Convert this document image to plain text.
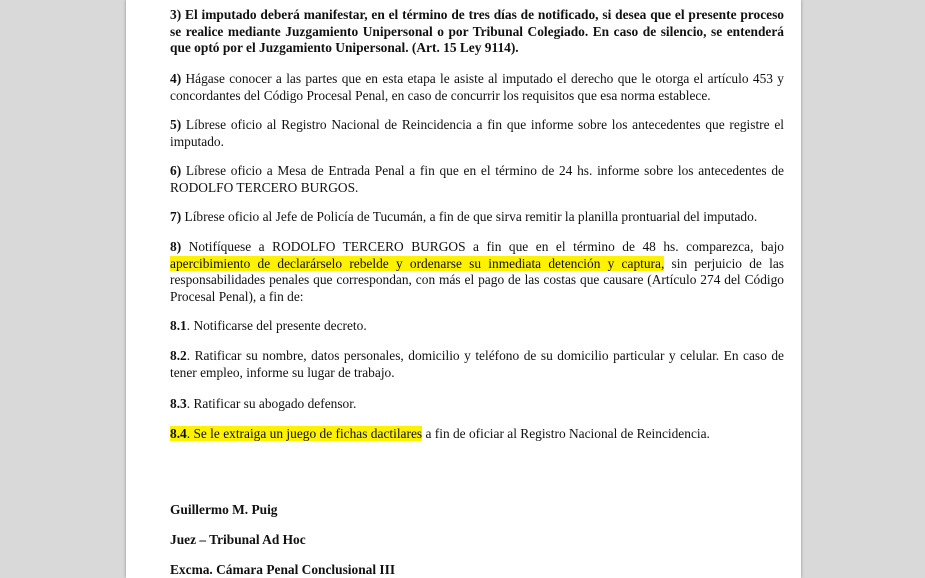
3) El imputado deberá manifestar, en el término de tres días de notificado, si desea que el presente proceso se realice mediante Juzgamiento Unipersonal o por Tribunal Colegiado. En caso de silencio, se entenderá que optó por el Juzgamiento Unipersonal. (Art. 15 Ley 9114).

4) Hágase conocer a las partes que en esta etapa le asiste al imputado el derecho que le otorga el artículo 453 y concordantes del Código Procesal Penal, en caso de concurrir los requisitos que esa norma establece.

5) Líbrese oficio al Registro Nacional de Reincidencia a fin que informe sobre los antecedentes que registre el imputado.

6) Líbrese oficio a Mesa de Entrada Penal a fin que en el término de 24 hs. informe sobre los antecedentes de RODOLFO TERCERO BURGOS.

7) Líbrese oficio al Jefe de Policía de Tucumán, a fin de que sirva remitir la planilla prontuarial del imputado.

8) Notifíquese a RODOLFO TERCERO BURGOS a fin que en el término de 48 hs. comparezca, bajo apercibimiento de declarárselo rebelde y ordenarse su inmediata detención y captura, sin perjuicio de las responsabilidades penales que correspondan, con más el pago de las costas que causare (Artículo 274 del Código Procesal Penal), a fin de:

8.1. Notificarse del presente decreto.

8.2. Ratificar su nombre, datos personales, domicilio y teléfono de su domicilio particular y celular. En caso de tener empleo, informe su lugar de trabajo.

8.3. Ratificar su abogado defensor.

8.4. Se le extraiga un juego de fichas dactilares a fin de oficiar al Registro Nacional de Reincidencia.

Guillermo M. Puig
Juez – Tribunal Ad Hoc
Excma. Cámara Penal Conclusional III
